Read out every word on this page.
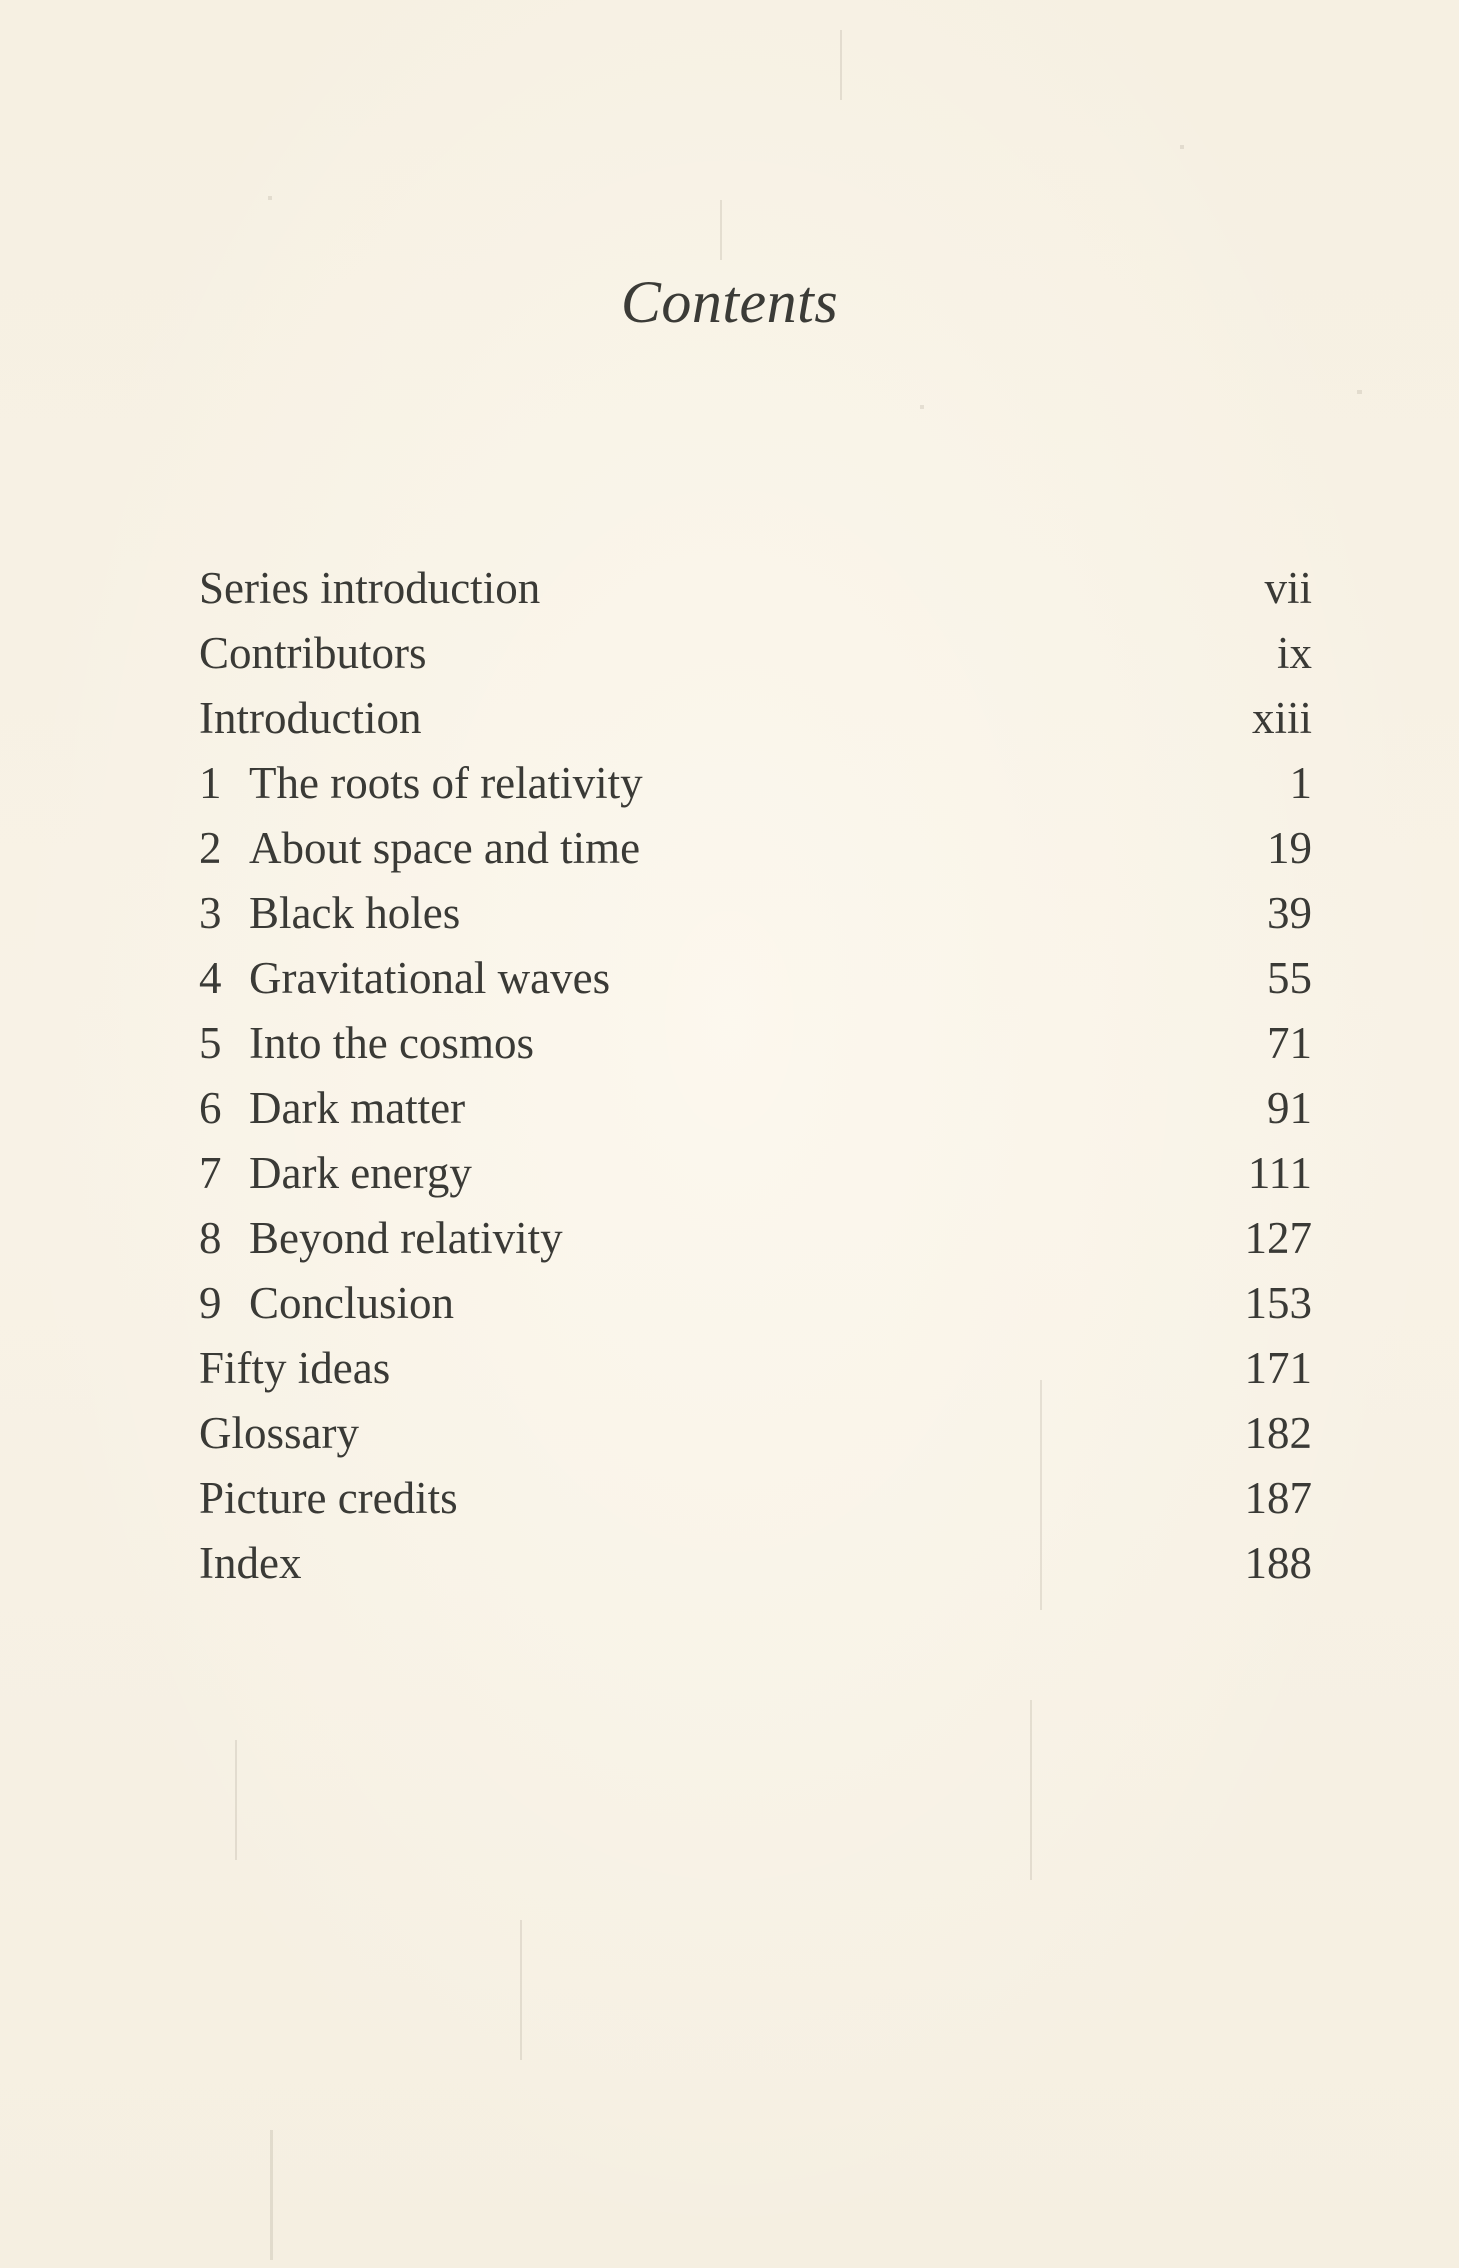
Contents
Series introduction	vii
Contributors	ix
Introduction	xiii
1 The roots of relativity	1
2 About space and time	19
3 Black holes	39
4 Gravitational waves	55
5 Into the cosmos	71
6 Dark matter	91
7 Dark energy	111
8 Beyond relativity	127
9 Conclusion	153
Fifty ideas	171
Glossary	182
Picture credits	187
Index	188
